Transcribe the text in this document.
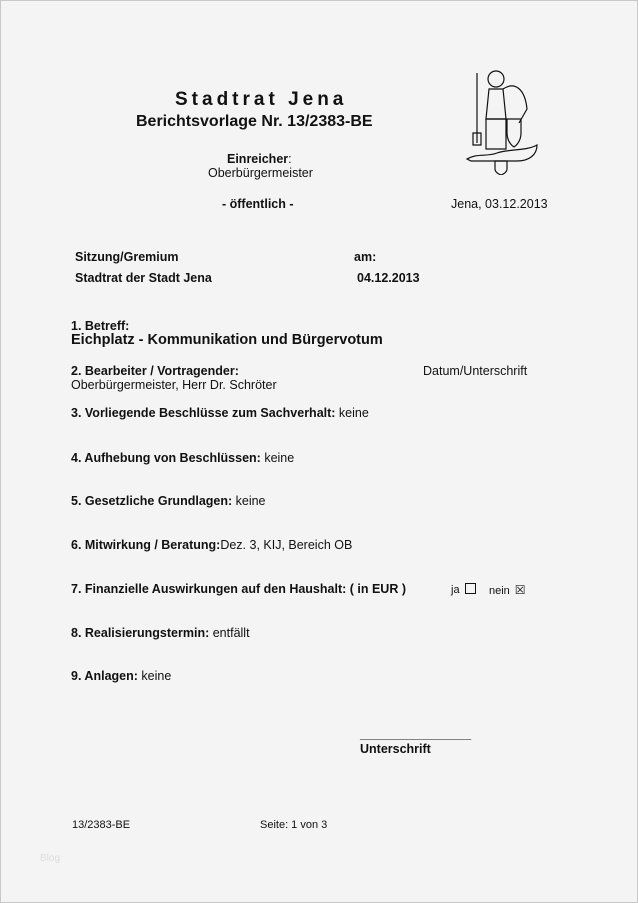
Stadtrat Jena
Berichtsvorlage Nr. 13/2383-BE
Einreicher:
Oberbürgermeister
- öffentlich -	Jena, 03.12.2013
Sitzung/Gremium	am:
Stadtrat der Stadt Jena	04.12.2013
1. Betreff:
Eichplatz - Kommunikation und Bürgervotum
2. Bearbeiter / Vortragender:	Datum/Unterschrift
Oberbürgermeister, Herr Dr. Schröter
3. Vorliegende Beschlüsse zum Sachverhalt: keine
4. Aufhebung von Beschlüssen: keine
5. Gesetzliche Grundlagen: keine
6. Mitwirkung / Beratung:Dez. 3, KIJ, Bereich OB
7. Finanzielle Auswirkungen auf den Haushalt: ( in EUR )	ja	nein ☒
8. Realisierungstermin: entfällt
9. Anlagen: keine
________________
Unterschrift
13/2383-BE	Seite: 1 von 3
Blog
